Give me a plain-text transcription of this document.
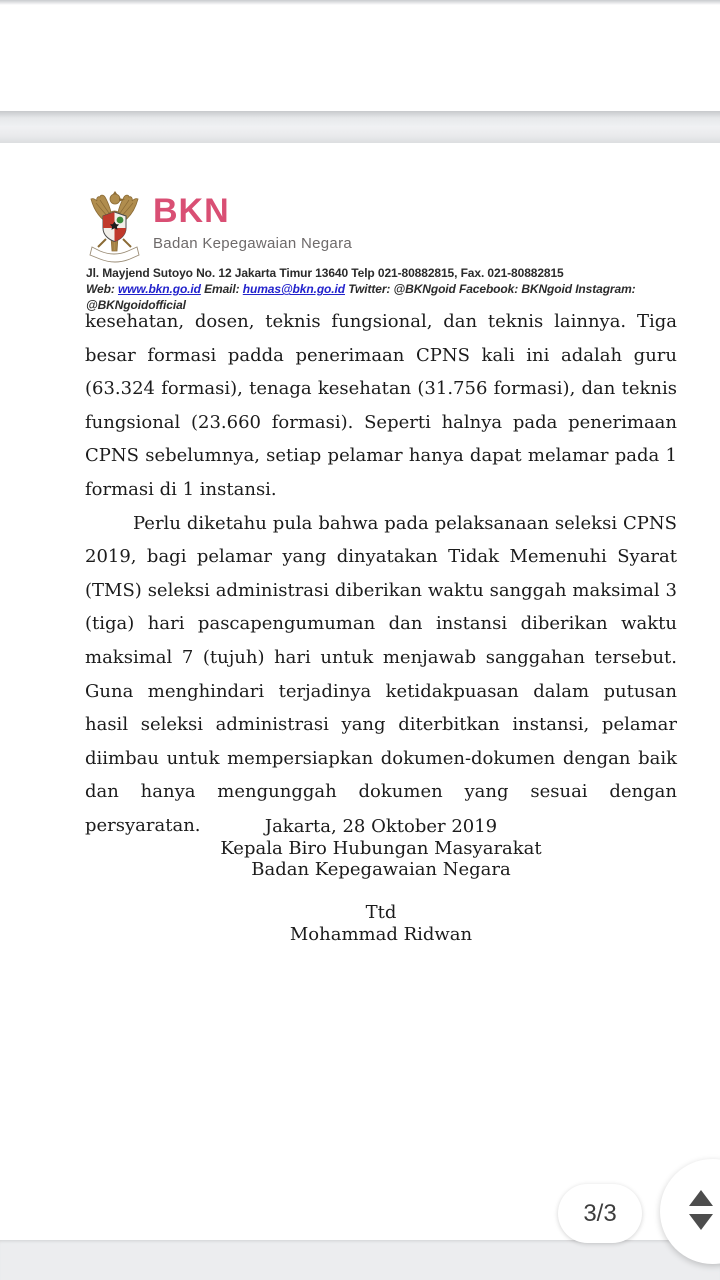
BKN
Badan Kepegawaian Negara
Jl. Mayjend Sutoyo No. 12 Jakarta Timur 13640 Telp 021-80882815, Fax. 021-80882815
Web: www.bkn.go.id Email: humas@bkn.go.id Twitter: @BKNgoid Facebook: BKNgoid Instagram: @BKNgoidofficial

kesehatan, dosen, teknis fungsional, dan teknis lainnya. Tiga besar formasi padda penerimaan CPNS kali ini adalah guru (63.324 formasi), tenaga kesehatan (31.756 formasi), dan teknis fungsional (23.660 formasi). Seperti halnya pada penerimaan CPNS sebelumnya, setiap pelamar hanya dapat melamar pada 1 formasi di 1 instansi.

Perlu diketahu pula bahwa pada pelaksanaan seleksi CPNS 2019, bagi pelamar yang dinyatakan Tidak Memenuhi Syarat (TMS) seleksi administrasi diberikan waktu sanggah maksimal 3 (tiga) hari pascapengumuman dan instansi diberikan waktu maksimal 7 (tujuh) hari untuk menjawab sanggahan tersebut. Guna menghindari terjadinya ketidakpuasan dalam putusan hasil seleksi administrasi yang diterbitkan instansi, pelamar diimbau untuk mempersiapkan dokumen-dokumen dengan baik dan hanya mengunggah dokumen yang sesuai dengan persyaratan.	Jakarta, 28 Oktober 2019
Kepala Biro Hubungan Masyarakat
Badan Kepegawaian Negara
Ttd
Mohammad Ridwan
3/3
